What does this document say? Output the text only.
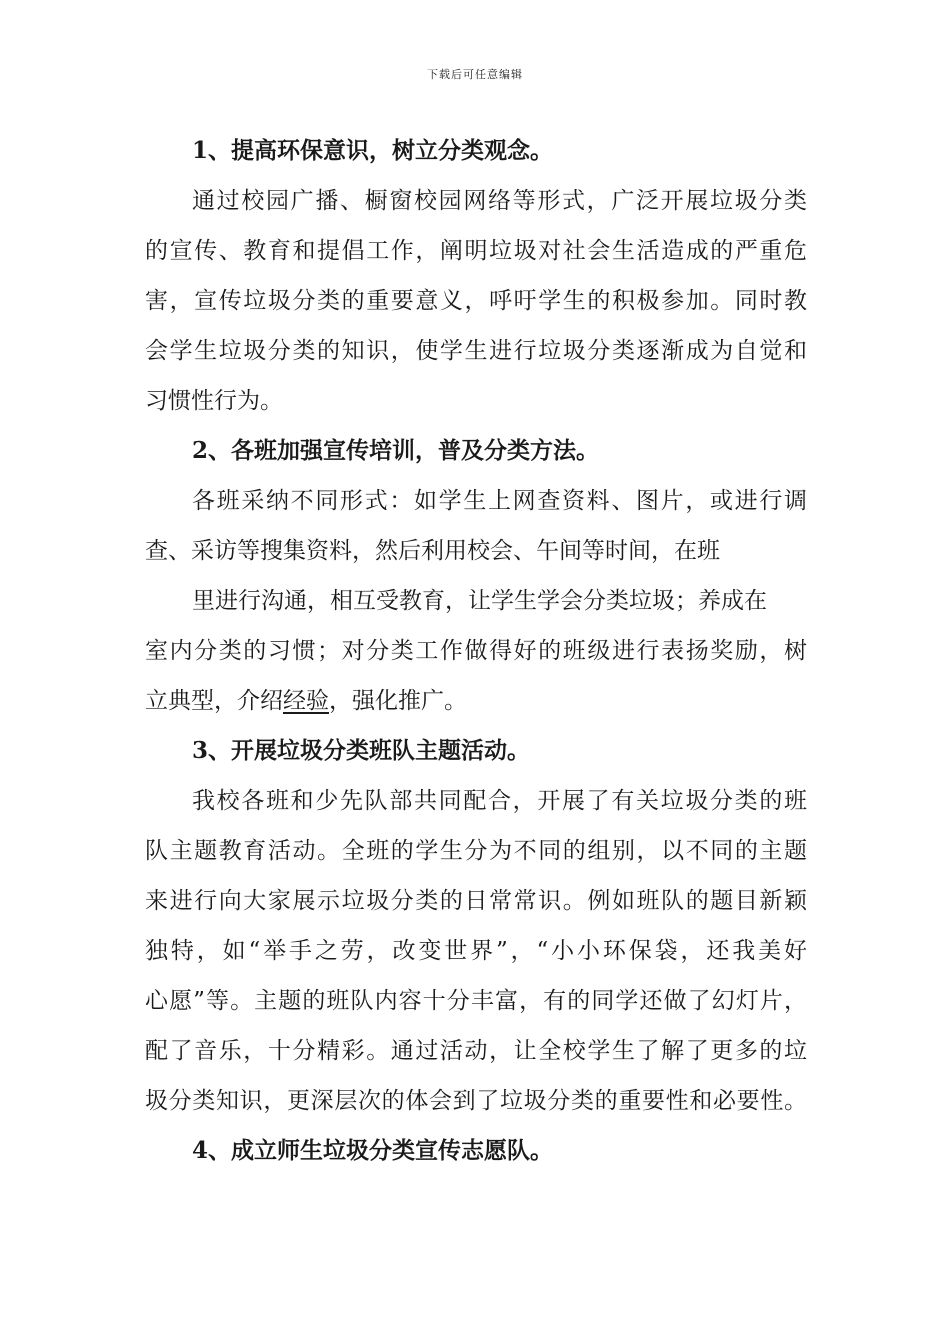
下载后可任意编辑
1、提高环保意识，树立分类观念。
通过校园广播、橱窗校园网络等形式，广泛开展垃圾分类
的宣传、教育和提倡工作，阐明垃圾对社会生活造成的严重危
害，宣传垃圾分类的重要意义，呼吁学生的积极参加。同时教
会学生垃圾分类的知识，使学生进行垃圾分类逐渐成为自觉和
习惯性行为。
2、各班加强宣传培训，普及分类方法。
各班采纳不同形式：如学生上网查资料、图片，或进行调
查、采访等搜集资料，然后利用校会、午间等时间，在班
里进行沟通，相互受教育，让学生学会分类垃圾；养成在
室内分类的习惯；对分类工作做得好的班级进行表扬奖励，树
立典型，介绍经验，强化推广。
3、开展垃圾分类班队主题活动。
我校各班和少先队部共同配合，开展了有关垃圾分类的班
队主题教育活动。全班的学生分为不同的组别，以不同的主题
来进行向大家展示垃圾分类的日常常识。例如班队的题目新颖
独特，如“举手之劳，改变世界”，“小小环保袋，还我美好
心愿”等。主题的班队内容十分丰富，有的同学还做了幻灯片，
配了音乐，十分精彩。通过活动，让全校学生了解了更多的垃
圾分类知识，更深层次的体会到了垃圾分类的重要性和必要性。
4、成立师生垃圾分类宣传志愿队。
